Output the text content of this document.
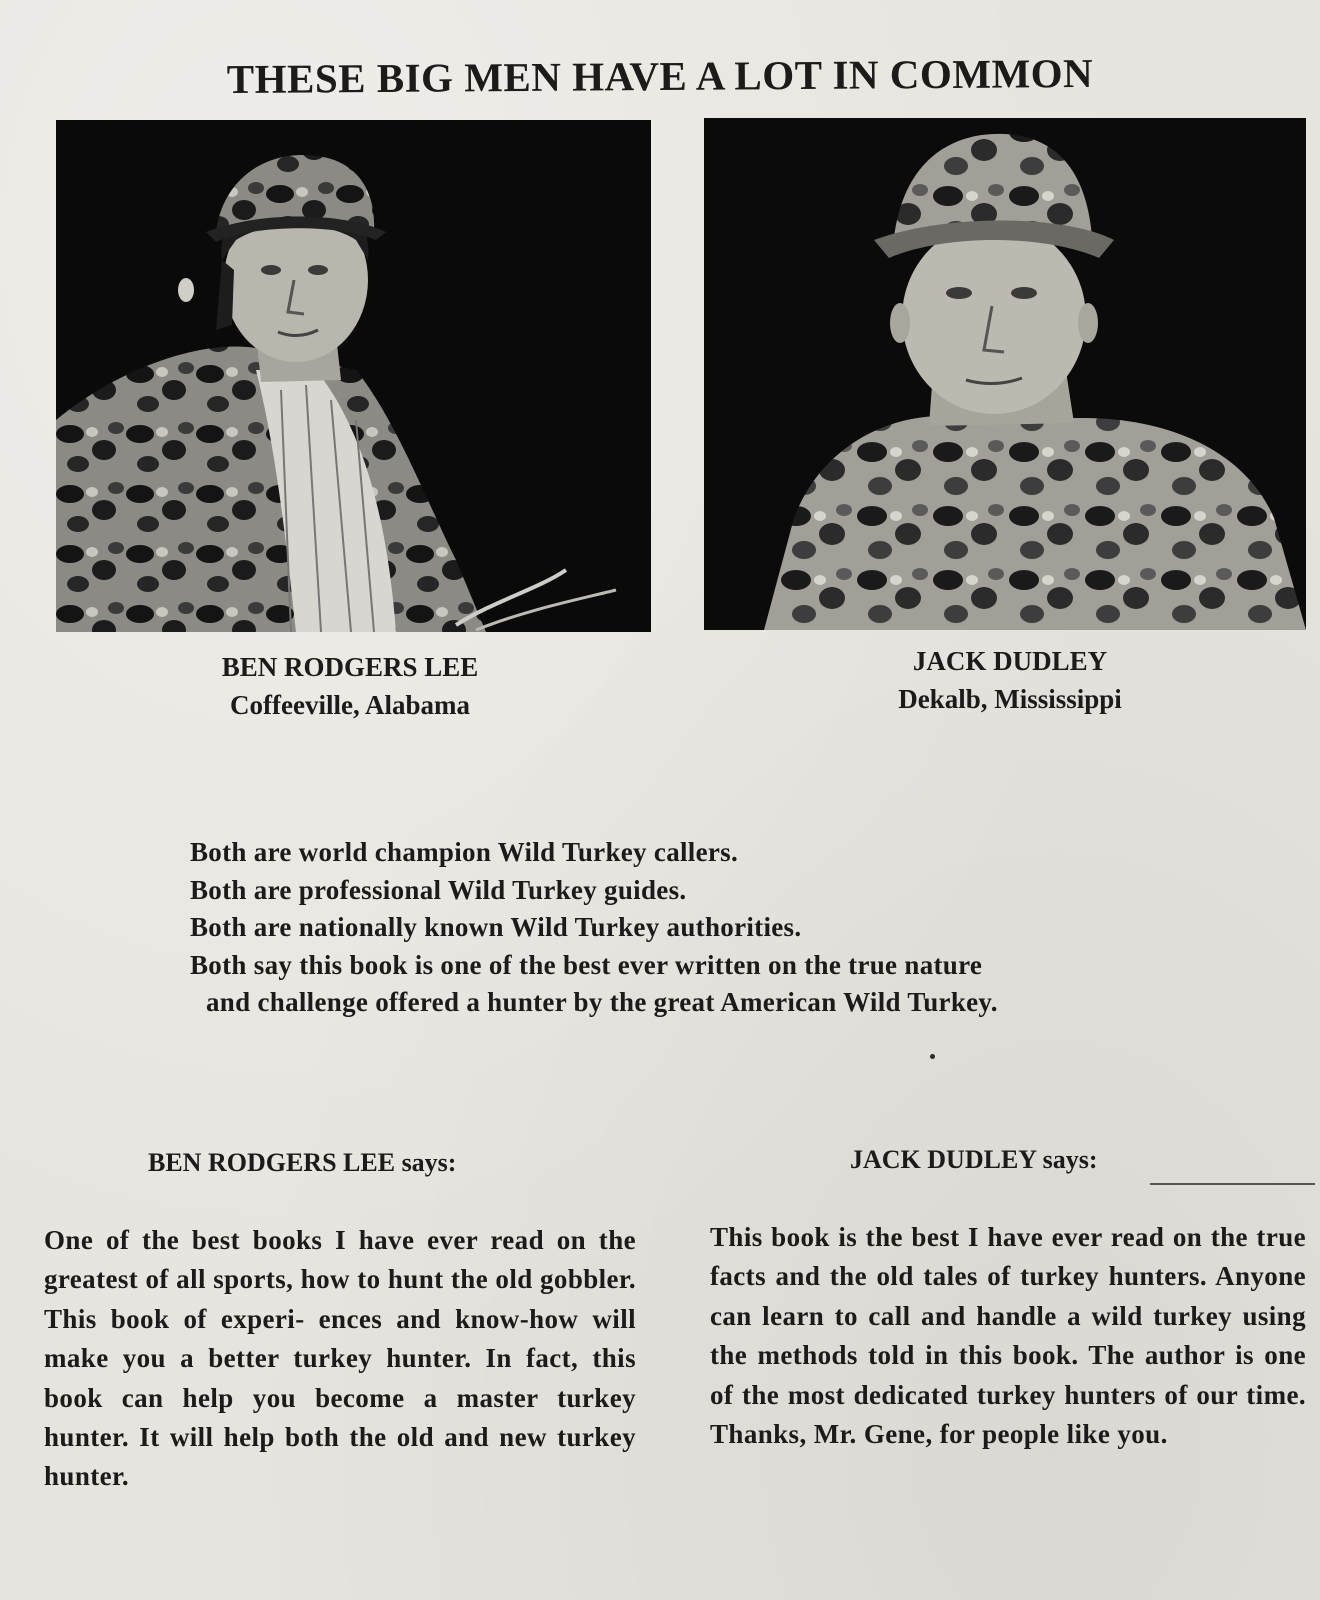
THESE BIG MEN HAVE A LOT IN COMMON
BEN RODGERS LEE
Coffeeville, Alabama
JACK DUDLEY
Dekalb, Mississippi
Both are world champion Wild Turkey callers.
Both are professional Wild Turkey guides.
Both are nationally known Wild Turkey authorities.
Both say this book is one of the best ever written on the true nature
and challenge offered a hunter by the great American Wild Turkey.
BEN RODGERS LEE says:	JACK DUDLEY says:
One of the best books I have ever read on the greatest of all sports, how to hunt the old gobbler. This book of experi- ences and know-how will make you a better turkey hunter. In fact, this book can help you become a master turkey hunter. It will help both the old and new turkey hunter.
This book is the best I have ever read on the true facts and the old tales of turkey hunters. Anyone can learn to call and handle a wild turkey using the methods told in this book. The author is one of the most dedicated turkey hunters of our time. Thanks, Mr. Gene, for people like you.
